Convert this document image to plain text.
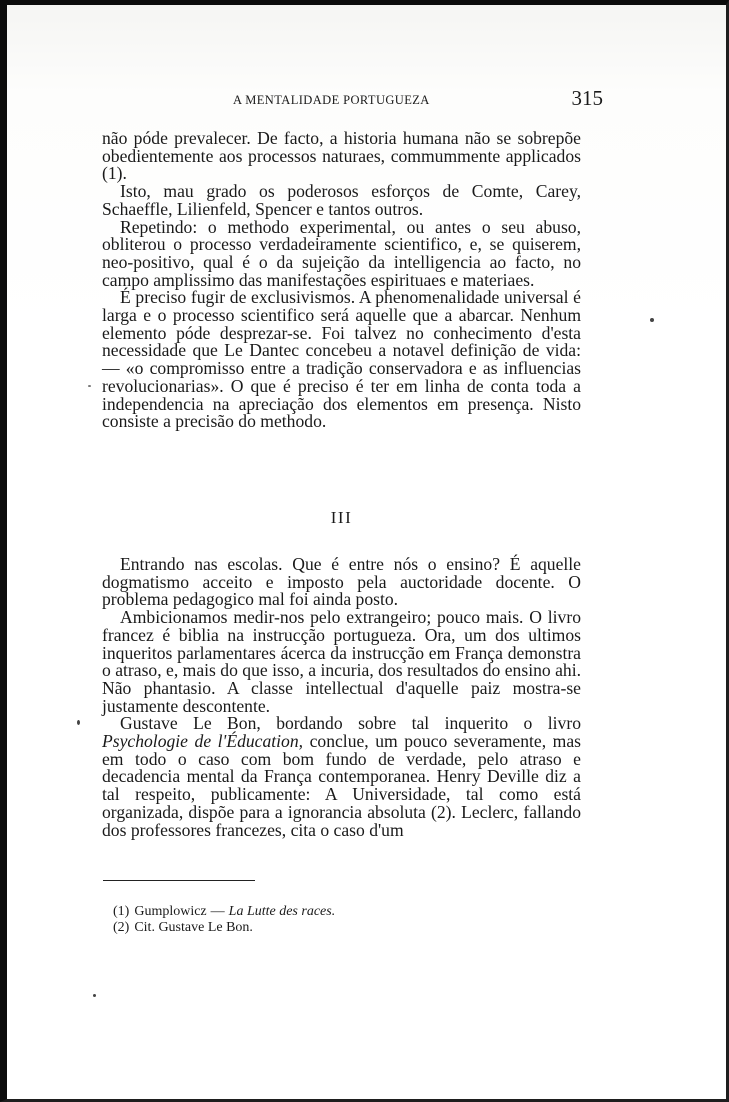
A MENTALIDADE PORTUGUEZA	315

não póde prevalecer. De facto, a historia humana não se sobrepõe obedientemente aos processos naturaes, commummente applicados (1).

Isto, mau grado os poderosos esforços de Comte, Carey, Schaeffle, Lilienfeld, Spencer e tantos outros.

Repetindo: o methodo experimental, ou antes o seu abuso, obliterou o processo verdadeiramente scientifico, e, se quiserem, neo-positivo, qual é o da sujeição da intelligencia ao facto, no campo amplissimo das manifestações espirituaes e materiaes.

É preciso fugir de exclusivismos. A phenomenalidade universal é larga e o processo scientifico será aquelle que a abarcar. Nenhum elemento póde desprezar-se. Foi talvez no conhecimento d'esta necessidade que Le Dantec concebeu a notavel definição de vida: — «o compromisso entre a tradição conservadora e as influencias revolucionarias». O que é preciso é ter em linha de conta toda a independencia na apreciação dos elementos em presença. Nisto consiste a precisão do methodo.

III

Entrando nas escolas. Que é entre nós o ensino? É aquelle dogmatismo acceito e imposto pela auctoridade docente. O problema pedagogico mal foi ainda posto.

Ambicionamos medir-nos pelo extrangeiro; pouco mais. O livro francez é biblia na instrucção portugueza. Ora, um dos ultimos inqueritos parlamentares ácerca da instrucção em França demonstra o atraso, e, mais do que isso, a incuria, dos resultados do ensino ahi. Não phantasio. A classe intellectual d'aquelle paiz mostra-se justamente descontente.

Gustave Le Bon, bordando sobre tal inquerito o livro Psychologie de l'Éducation, conclue, um pouco severamente, mas em todo o caso com bom fundo de verdade, pelo atraso e decadencia mental da França contemporanea. Henry Deville diz a tal respeito, publicamente: A Universidade, tal como está organizada, dispõe para a ignorancia absoluta (2). Leclerc, fallando dos professores francezes, cita o caso d'um

(1) Gumplowicz — La Lutte des races.
(2) Cit. Gustave Le Bon.
